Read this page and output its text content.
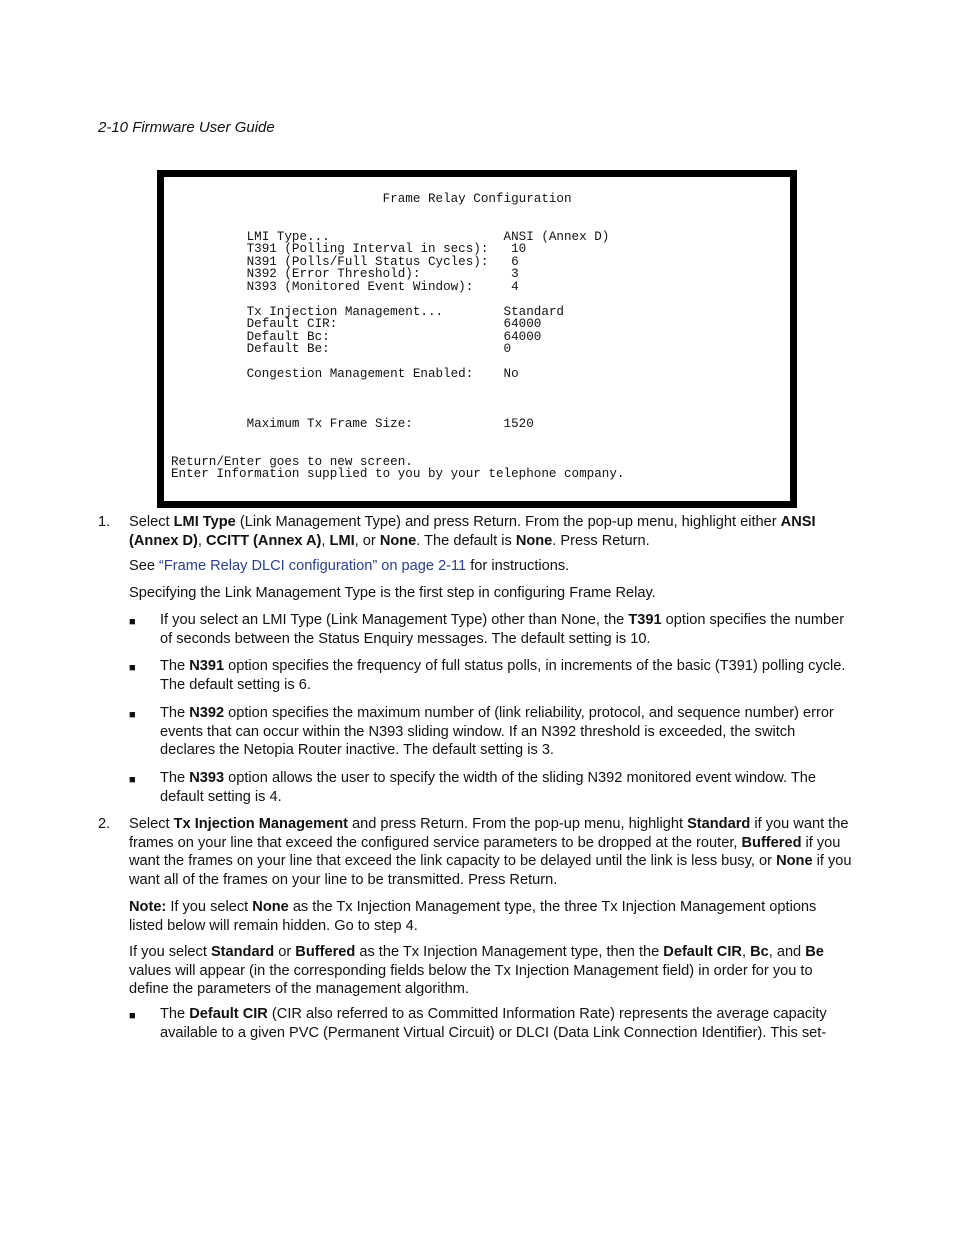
2-10 Firmware User Guide
Frame Relay Configuration

LMI Type...                       ANSI (Annex D)
T391 (Polling Interval in secs):   10
N391 (Polls/Full Status Cycles):   6
N392 (Error Threshold):            3
N393 (Monitored Event Window):     4

Tx Injection Management...        Standard
Default CIR:                      64000
Default Bc:                       64000
Default Be:                       0

Congestion Management Enabled:    No

Maximum Tx Frame Size:            1520

Return/Enter goes to new screen.
Enter Information supplied to you by your telephone company.
1. Select LMI Type (Link Management Type) and press Return. From the pop-up menu, highlight either ANSI (Annex D), CCITT (Annex A), LMI, or None. The default is None. Press Return.
See “Frame Relay DLCI configuration” on page 2-11 for instructions.
Specifying the Link Management Type is the first step in configuring Frame Relay.
■ If you select an LMI Type (Link Management Type) other than None, the T391 option specifies the number of seconds between the Status Enquiry messages. The default setting is 10.
■ The N391 option specifies the frequency of full status polls, in increments of the basic (T391) polling cycle. The default setting is 6.
■ The N392 option specifies the maximum number of (link reliability, protocol, and sequence number) error events that can occur within the N393 sliding window. If an N392 threshold is exceeded, the switch declares the Netopia Router inactive. The default setting is 3.
■ The N393 option allows the user to specify the width of the sliding N392 monitored event window. The default setting is 4.
2. Select Tx Injection Management and press Return. From the pop-up menu, highlight Standard if you want the frames on your line that exceed the configured service parameters to be dropped at the router, Buffered if you want the frames on your line that exceed the link capacity to be delayed until the link is less busy, or None if you want all of the frames on your line to be transmitted. Press Return.
Note: If you select None as the Tx Injection Management type, the three Tx Injection Management options listed below will remain hidden. Go to step 4.
If you select Standard or Buffered as the Tx Injection Management type, then the Default CIR, Bc, and Be values will appear (in the corresponding fields below the Tx Injection Management field) in order for you to define the parameters of the management algorithm.
■ The Default CIR (CIR also referred to as Committed Information Rate) represents the average capacity available to a given PVC (Permanent Virtual Circuit) or DLCI (Data Link Connection Identifier). This set-
